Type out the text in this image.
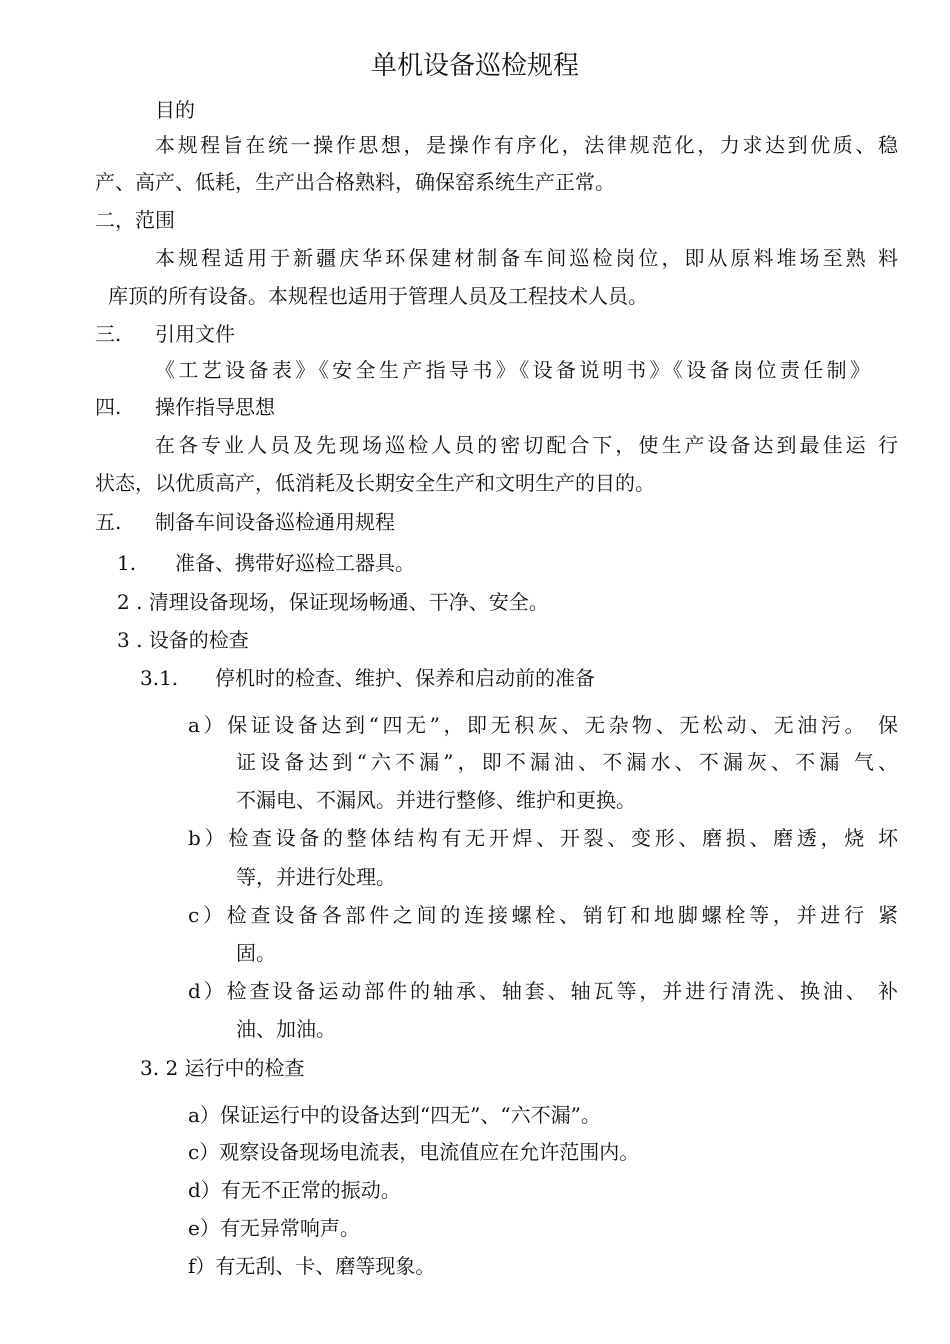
单机设备巡检规程
目的
本规程旨在统一操作思想，是操作有序化，法律规范化，力求达到优质、稳
产、高产、低耗，生产出合格熟料，确保窑系统生产正常。
二，范围
本规程适用于新疆庆华环保建材制备车间巡检岗位，即从原料堆场至熟 料
库顶的所有设备。本规程也适用于管理人员及工程技术人员。
三. 引用文件
《工艺设备表》《安全生产指导书》《设备说明书》《设备岗位责任制》
四. 操作指导思想
在各专业人员及先现场巡检人员的密切配合下，使生产设备达到最佳运 行
状态，以优质高产，低消耗及长期安全生产和文明生产的目的。
五. 制备车间设备巡检通用规程
1. 准备、携带好巡检工器具。
2 . 清理设备现场，保证现场畅通、干净、安全。
3 . 设备的检查
3.1. 停机时的检查、维护、保养和启动前的准备
a）保证设备达到“四无”，即无积灰、无杂物、无松动、无油污。 保
证设备达到“六不漏”，即不漏油、不漏水、不漏灰、不漏 气、
不漏电、不漏风。并进行整修、维护和更换。
b）检查设备的整体结构有无开焊、开裂、变形、磨损、磨透，烧 坏
等，并进行处理。
c）检查设备各部件之间的连接螺栓、销钉和地脚螺栓等，并进行 紧
固。
d）检查设备运动部件的轴承、轴套、轴瓦等，并进行清洗、换油、 补
油、加油。
3. 2 运行中的检查
a）保证运行中的设备达到“四无”、“六不漏”。
c）观察设备现场电流表，电流值应在允许范围内。
d）有无不正常的振动。
e）有无异常响声。
f）有无刮、卡、磨等现象。
